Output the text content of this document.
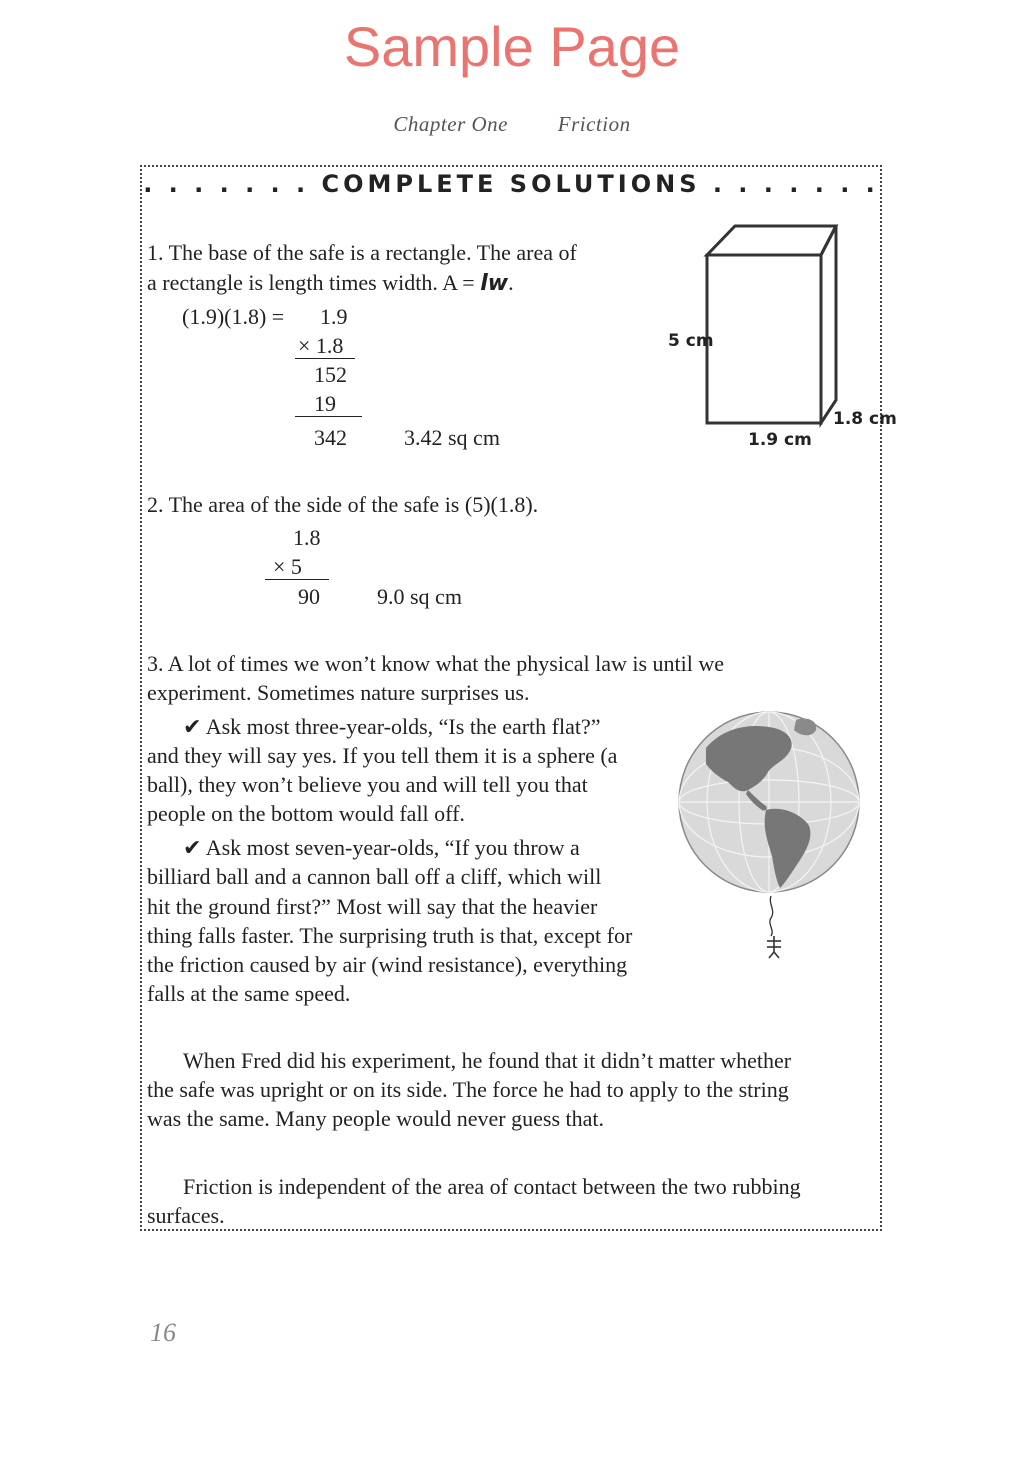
Sample Page
Chapter One Friction
. . . . . . . COMPLETE SOLUTIONS . . . . . . .
1. The base of the safe is a rectangle. The area of
a rectangle is length times width. A = lw.
(1.9)(1.8) = 1.9
× 1.8
152
19
342	3.42 sq cm
5 cm
1.9 cm
1.8 cm
2. The area of the side of the safe is (5)(1.8).
1.8
× 5
90	9.0 sq cm
3. A lot of times we won’t know what the physical law is until we
experiment. Sometimes nature surprises us.
✔ Ask most three-year-olds, “Is the earth flat?”
and they will say yes. If you tell them it is a sphere (a
ball), they won’t believe you and will tell you that
people on the bottom would fall off.
✔ Ask most seven-year-olds, “If you throw a
billiard ball and a cannon ball off a cliff, which will
hit the ground first?” Most will say that the heavier
thing falls faster. The surprising truth is that, except for
the friction caused by air (wind resistance), everything
falls at the same speed.
When Fred did his experiment, he found that it didn’t matter whether
the safe was upright or on its side. The force he had to apply to the string
was the same. Many people would never guess that.
Friction is independent of the area of contact between the two rubbing
surfaces.
16
